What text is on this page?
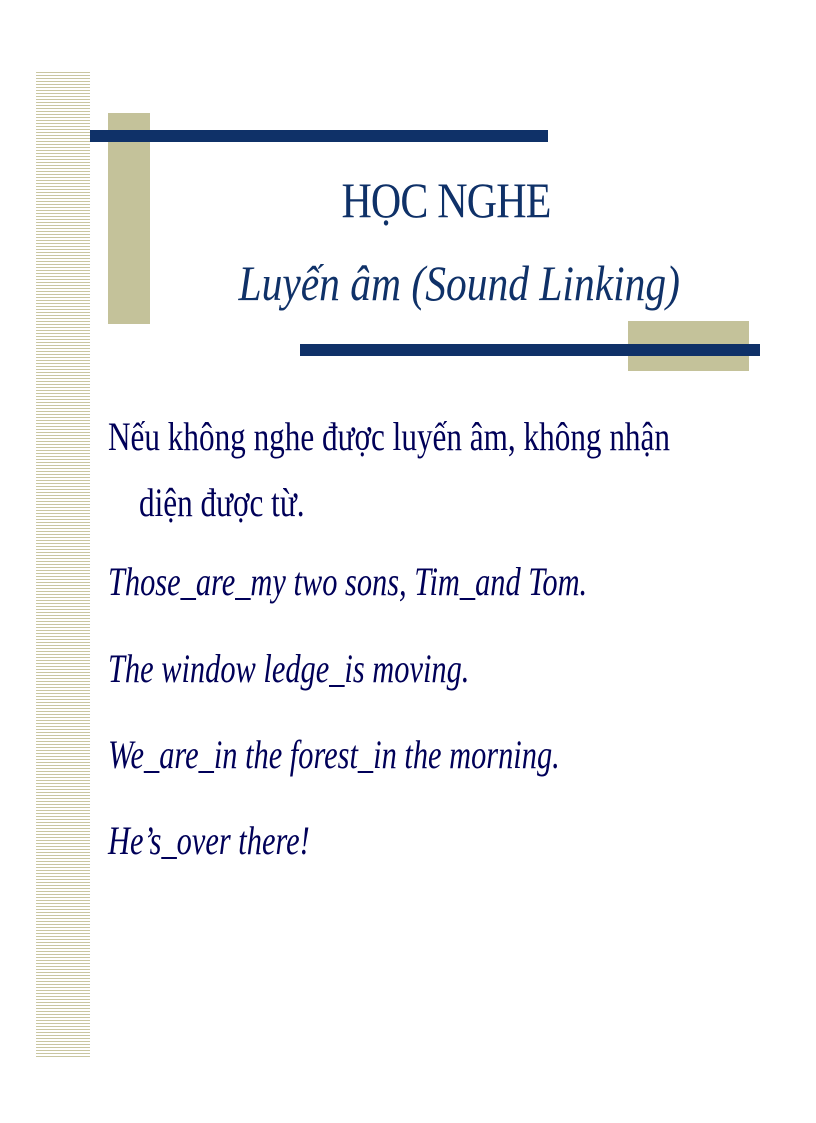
HỌC NGHE
Luyến âm (Sound Linking)
Nếu không nghe được luyến âm, không nhận
diện được từ.
Those_are_my two sons, Tim_and Tom.
The window ledge_is moving.
We_are_in the forest_in the morning.
He’s_over there!
